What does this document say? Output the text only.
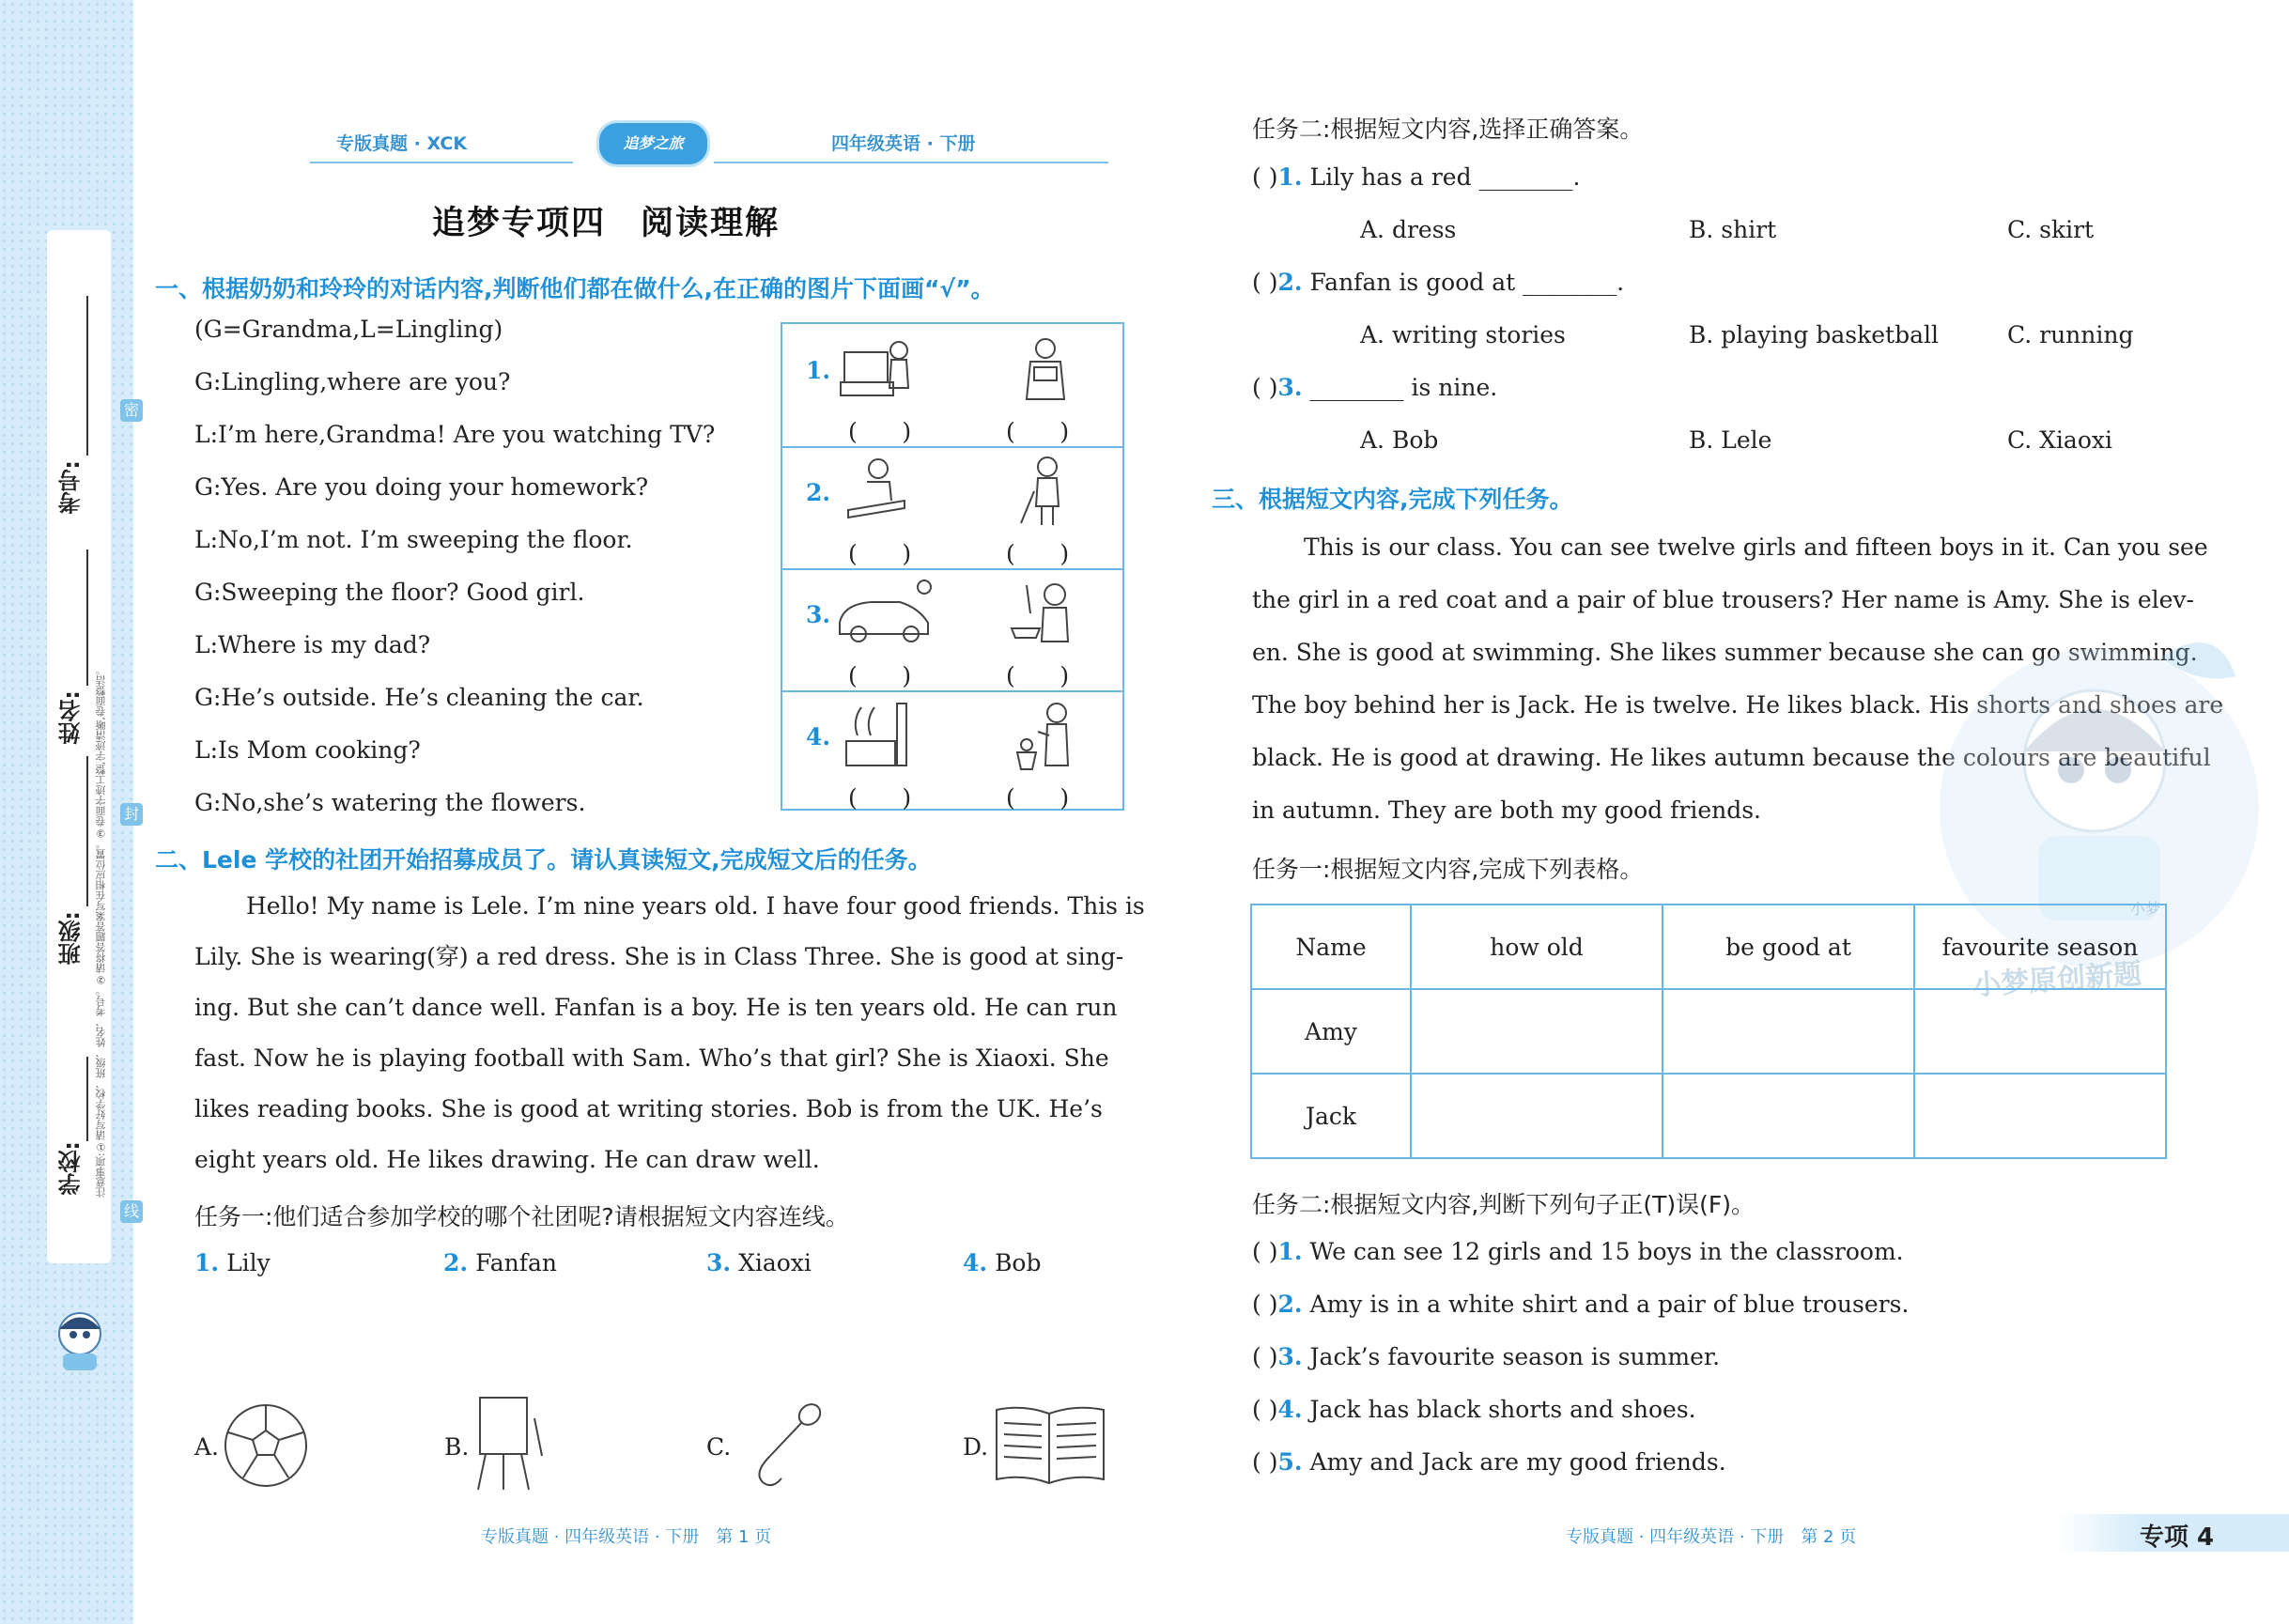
学校:
班级:
姓名:
考号:
注意事项:①请写好学校、班级、姓名、考号。②请将答题答案写在相应位置。③卷面字迹工整,字迹清晰,卷面整洁。
密
封
线
专版真题 · XCK	追梦之旅	四年级英语 · 下册
追梦专项四　阅读理解
一、根据奶奶和玲玲的对话内容,判断他们都在做什么,在正确的图片下面画“√”。
(G=Grandma,L=Lingling)
G:Lingling,where are you?
L:I’m here,Grandma! Are you watching TV?
G:Yes. Are you doing your homework?
L:No,I’m not. I’m sweeping the floor.
G:Sweeping the floor? Good girl.
L:Where is my dad?
G:He’s outside. He’s cleaning the car.
L:Is Mom cooking?
G:No,she’s watering the flowers.
1.
(      )	(      )
2.
(      )	(      )
3.
(      )	(      )
4.
(      )	(      )
二、Lele 学校的社团开始招募成员了。请认真读短文,完成短文后的任务。
Hello! My name is Lele. I’m nine years old. I have four good friends. This is
Lily. She is wearing(穿) a red dress. She is in Class Three. She is good at sing-
ing. But she can’t dance well. Fanfan is a boy. He is ten years old. He can run
fast. Now he is playing football with Sam. Who’s that girl? She is Xiaoxi. She
likes reading books. She is good at writing stories. Bob is from the UK. He’s
eight years old. He likes drawing. He can draw well.
任务一:他们适合参加学校的哪个社团呢?请根据短文内容连线。
1. Lily	2. Fanfan	3. Xiaoxi	4. Bob
A.	B.	C.	D.
任务二:根据短文内容,选择正确答案。
( )1. Lily has a red ________.
A. dress	B. shirt	C. skirt
( )2. Fanfan is good at ________.
A. writing stories	B. playing basketball	C. running
( )3. ________ is nine.
A. Bob	B. Lele	C. Xiaoxi
三、根据短文内容,完成下列任务。
This is our class. You can see twelve girls and fifteen boys in it. Can you see
the girl in a red coat and a pair of blue trousers? Her name is Amy. She is elev-
en. She is good at swimming. She likes summer because she can go swimming.
The boy behind her is Jack. He is twelve. He likes black. His shorts and shoes are
black. He is good at drawing. He likes autumn because the colours are beautiful
in autumn. They are both my good friends.
任务一:根据短文内容,完成下列表格。
小梦
小梦原创新题
Name	how old	be good at	favourite season
Amy			
Jack			
任务二:根据短文内容,判断下列句子正(T)误(F)。
( )1. We can see 12 girls and 15 boys in the classroom.
( )2. Amy is in a white shirt and a pair of blue trousers.
( )3. Jack’s favourite season is summer.
( )4. Jack has black shorts and shoes.
( )5. Amy and Jack are my good friends.
专版真题 · 四年级英语 · 下册　第 1 页	专版真题 · 四年级英语 · 下册　第 2 页	专项 4
